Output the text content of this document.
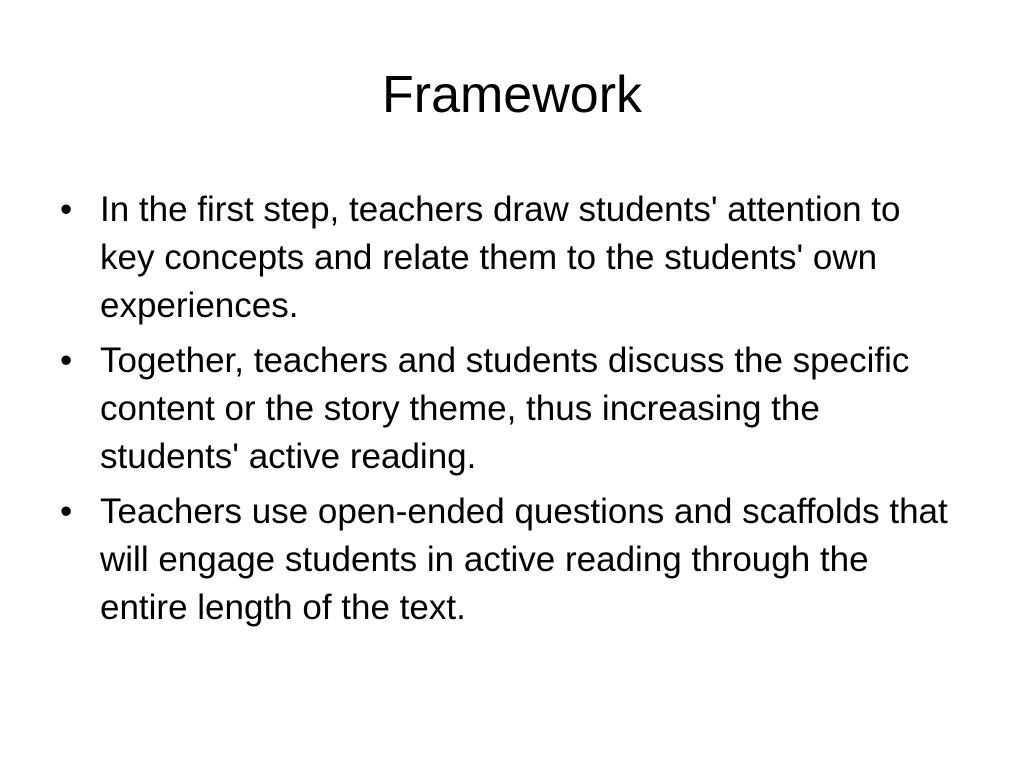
Framework
• In the first step, teachers draw students' attention to key concepts and relate them to the students' own experiences.
• Together, teachers and students discuss the specific content or the story theme, thus increasing the students' active reading.
• Teachers use open-ended questions and scaffolds that will engage students in active reading through the entire length of the text.
